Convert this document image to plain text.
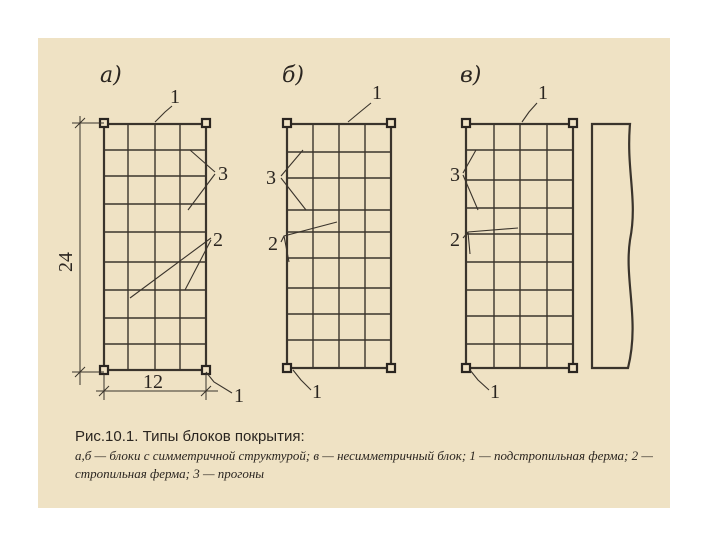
а)	б)	в)
1
3
2
1
24
12
1
3
2
1
1
3
2
1

Рис.10.1. Типы блоков покрытия:

а,б — блоки с симметричной структурой; в — несимметричный блок; 1 — подстропильная ферма; 2 — стропильная ферма; 3 — прогоны
